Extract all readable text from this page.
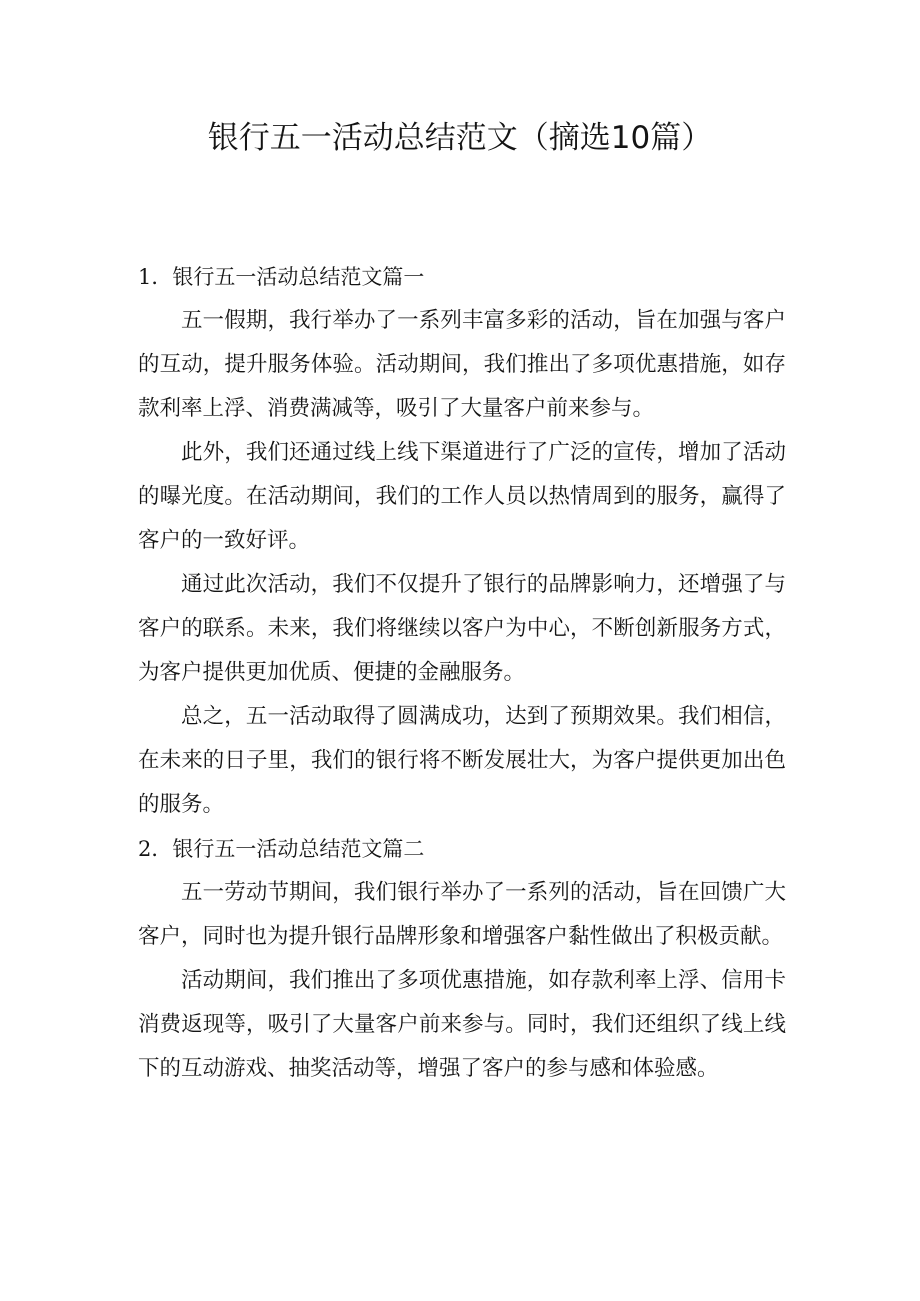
银行五一活动总结范文（摘选10篇）
1．银行五一活动总结范文篇一

五一假期，我行举办了一系列丰富多彩的活动，旨在加强与客户的互动，提升服务体验。活动期间，我们推出了多项优惠措施，如存款利率上浮、消费满减等，吸引了大量客户前来参与。

此外，我们还通过线上线下渠道进行了广泛的宣传，增加了活动的曝光度。在活动期间，我们的工作人员以热情周到的服务，赢得了客户的一致好评。

通过此次活动，我们不仅提升了银行的品牌影响力，还增强了与客户的联系。未来，我们将继续以客户为中心，不断创新服务方式，为客户提供更加优质、便捷的金融服务。

总之，五一活动取得了圆满成功，达到了预期效果。我们相信，在未来的日子里，我们的银行将不断发展壮大，为客户提供更加出色的服务。

2．银行五一活动总结范文篇二

五一劳动节期间，我们银行举办了一系列的活动，旨在回馈广大客户，同时也为提升银行品牌形象和增强客户黏性做出了积极贡献。

活动期间，我们推出了多项优惠措施，如存款利率上浮、信用卡消费返现等，吸引了大量客户前来参与。同时，我们还组织了线上线下的互动游戏、抽奖活动等，增强了客户的参与感和体验感。
